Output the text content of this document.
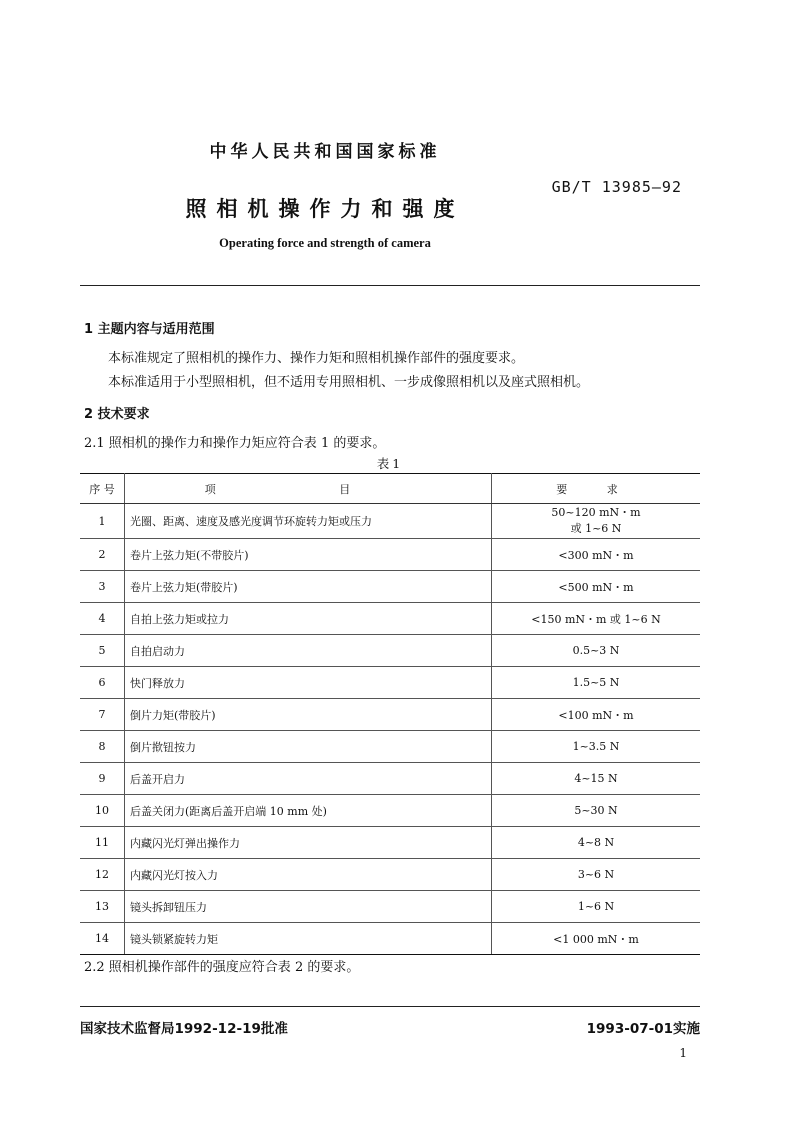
中华人民共和国国家标准
GB/T 13985—92
照相机操作力和强度
Operating force and strength of camera
1 主题内容与适用范围
本标准规定了照相机的操作力、操作力矩和照相机操作部件的强度要求。
本标准适用于小型照相机，但不适用专用照相机、一步成像照相机以及座式照相机。
2 技术要求
2.1 照相机的操作力和操作力矩应符合表 1 的要求。
表1
序 号	项 目	要 求
1	光圈、距离、速度及感光度调节环旋转力矩或压力	50~120 mN・m
或 1~6 N

2	卷片上弦力矩(不带胶片)	<300 mN・m
3	卷片上弦力矩(带胶片)	<500 mN・m
4	自拍上弦力矩或拉力	<150 mN・m 或 1~6 N
5	自拍启动力	0.5~3 N
6	快门释放力	1.5~5 N
7	倒片力矩(带胶片)	<100 mN・m
8	倒片揿钮按力	1~3.5 N
9	后盖开启力	4~15 N
10	后盖关闭力(距离后盖开启端 10 mm 处)	5~30 N
11	内藏闪光灯弹出操作力	4~8 N
12	内藏闪光灯按入力	3~6 N
13	镜头拆卸钮压力	1~6 N
14	镜头锁紧旋转力矩	<1 000 mN・m
2.2 照相机操作部件的强度应符合表 2 的要求。
国家技术监督局1992-12-19批准	1993-07-01实施
1
